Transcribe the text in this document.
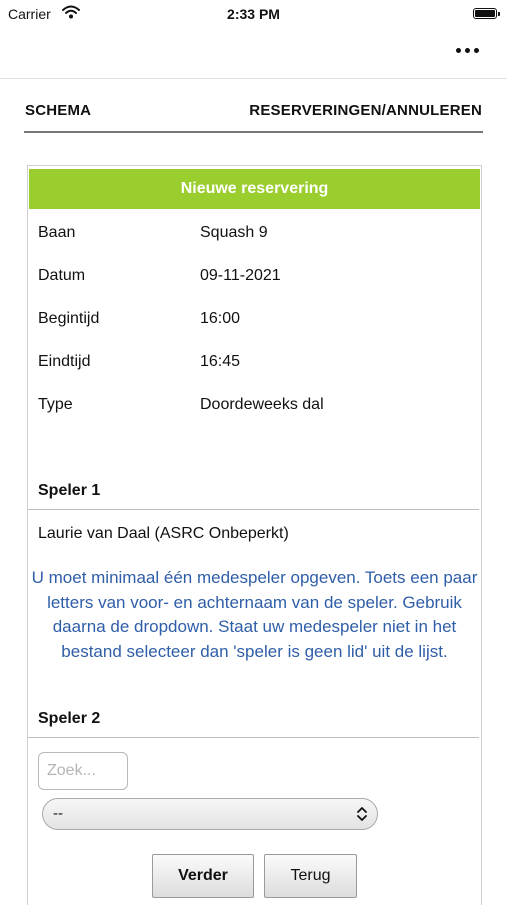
Carrier	2:33 PM
SCHEMA	RESERVERINGEN/ANNULEREN
Nieuwe reservering
Baan	Squash 9
Datum	09-11-2021
Begintijd	16:00
Eindtijd	16:45
Type	Doordeweeks dal
Speler 1
Laurie van Daal (ASRC Onbeperkt)
U moet minimaal één medespeler opgeven. Toets een paar letters van voor- en achternaam van de speler. Gebruik daarna de dropdown. Staat uw medespeler niet in het bestand selecteer dan 'speler is geen lid' uit de lijst.
Speler 2
Zoek...
--
Verder	Terug
